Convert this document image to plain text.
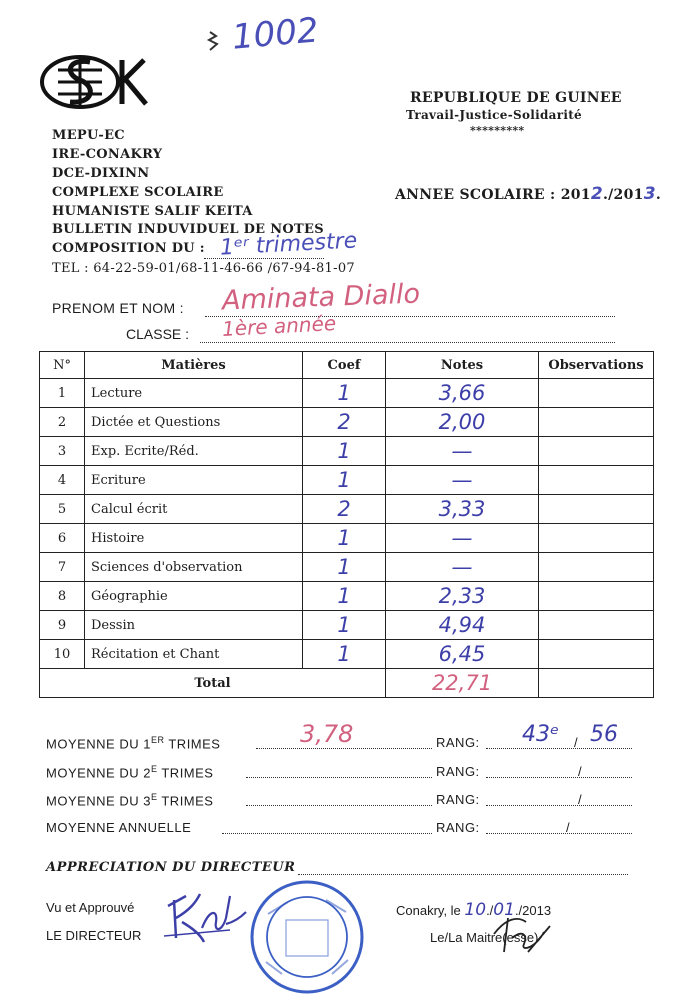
1002
REPUBLIQUE DE GUINEE
Travail-Justice-Solidarité
*********
MEPU-EC
IRE-CONAKRY
DCE-DIXINN
COMPLEXE SCOLAIRE
HUMANISTE SALIF KEITA
BULLETIN INDUVIDUEL DE NOTES
COMPOSITION DU : 1ᵉʳ trimestre
TEL : 64-22-59-01/68-11-46-66 /67-94-81-07
ANNEE SCOLAIRE : 2012./2013.
PRENOM ET NOM : Aminata Diallo
CLASSE : 1ère année
N°	Matières	Coef	Notes	Observations
1	Lecture	1	3,66	
2	Dictée et Questions	2	2,00	
3	Exp. Ecrite/Réd.	1	—	
4	Ecriture	1	—	
5	Calcul écrit	2	3,33	
6	Histoire	1	—	
7	Sciences d'observation	1	—	
8	Géographie	1	2,33	
9	Dessin	1	4,94	
10	Récitation et Chant	1	6,45	
Total			22,71	
MOYENNE DU 1ER TRIMES	3,78	RANG: 43ᵉ / 56
MOYENNE DU $2^E$ TRIMES	RANG:	/
MOYENNE DU $3^E$ TRIMES	RANG:	/
MOYENNE ANNUELLE	RANG:	/
APPRECIATION DU DIRECTEUR
Vu et Approuvé
LE DIRECTEUR
Conakry, le 10./01./2013
Le/La Maitre(esse)
